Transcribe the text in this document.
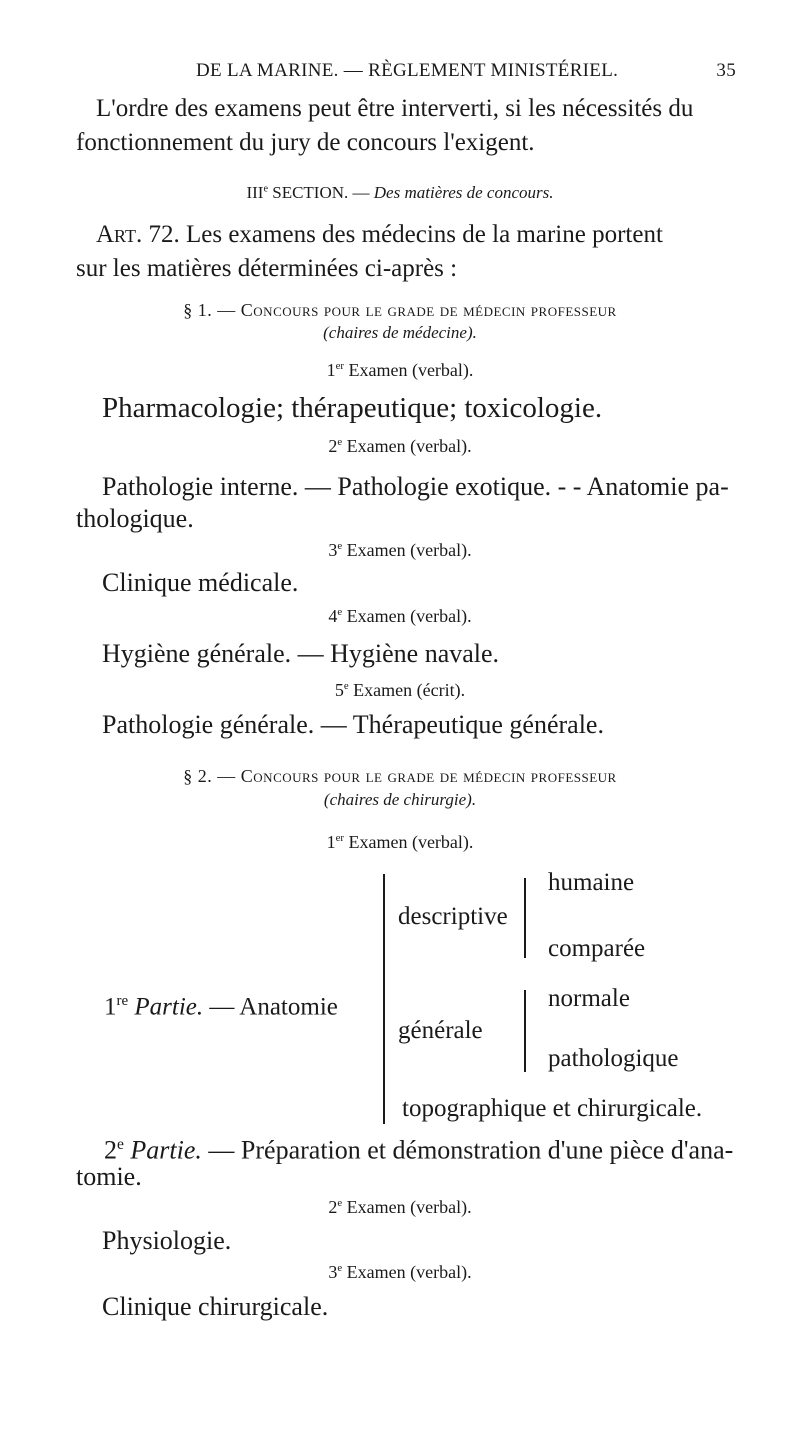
DE LA MARINE. — RÈGLEMENT MINISTÉRIEL.	35
L'ordre des examens peut être interverti, si les nécessités du
fonctionnement du jury de concours l'exigent.
IIIe SECTION. — Des matières de concours.
Art. 72. Les examens des médecins de la marine portent
sur les matières déterminées ci-après :
§ 1. — Concours pour le grade de médecin professeur
(chaires de médecine).
1er Examen (verbal).
Pharmacologie; thérapeutique; toxicologie.
2e Examen (verbal).
Pathologie interne. — Pathologie exotique. - - Anatomie pa-
thologique.
3e Examen (verbal).
Clinique médicale.
4e Examen (verbal).
Hygiène générale. — Hygiène navale.
5e Examen (écrit).
Pathologie générale. — Thérapeutique générale.
§ 2. — Concours pour le grade de médecin professeur
(chaires de chirurgie).
1er Examen (verbal).
humaine
descriptive
comparée
1re Partie. — Anatomie	normale
générale
pathologique
topographique et chirurgicale.
2e Partie. — Préparation et démonstration d'une pièce d'ana-
tomie.
2e Examen (verbal).
Physiologie.
3e Examen (verbal).
Clinique chirurgicale.
